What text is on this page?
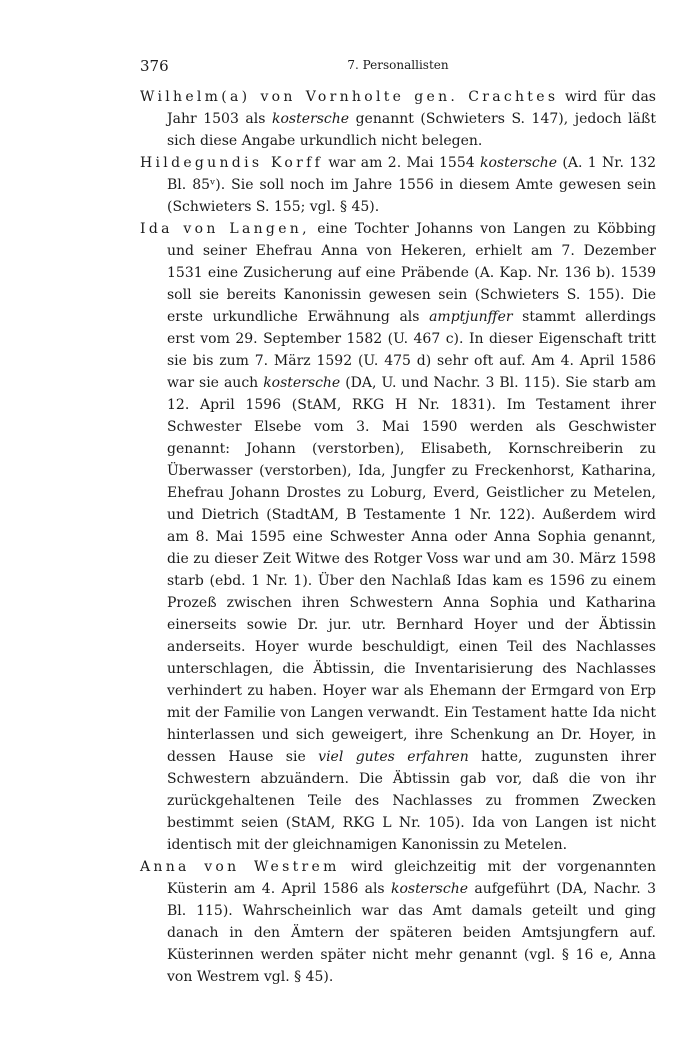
376	7. Personallisten

Wilhelm(a) von Vornholte gen. Crachtes wird für das Jahr 1503 als kostersche genannt (Schwieters S. 147), jedoch läßt sich diese Angabe urkundlich nicht belegen.

Hildegundis Korff war am 2. Mai 1554 kostersche (A. 1 Nr. 132 Bl. 85ᵛ). Sie soll noch im Jahre 1556 in diesem Amte gewesen sein (Schwieters S. 155; vgl. § 45).

Ida von Langen, eine Tochter Johanns von Langen zu Köbbing und seiner Ehefrau Anna von Hekeren, erhielt am 7. Dezember 1531 eine Zusicherung auf eine Präbende (A. Kap. Nr. 136 b). 1539 soll sie bereits Kanonissin gewesen sein (Schwieters S. 155). Die erste urkundliche Erwähnung als amptjunffer stammt allerdings erst vom 29. September 1582 (U. 467 c). In dieser Eigenschaft tritt sie bis zum 7. März 1592 (U. 475 d) sehr oft auf. Am 4. April 1586 war sie auch kostersche (DA, U. und Nachr. 3 Bl. 115). Sie starb am 12. April 1596 (StAM, RKG H Nr. 1831). Im Testament ihrer Schwester Elsebe vom 3. Mai 1590 werden als Geschwister genannt: Johann (verstorben), Elisabeth, Kornschreiberin zu Überwasser (verstorben), Ida, Jungfer zu Freckenhorst, Katharina, Ehefrau Johann Drostes zu Loburg, Everd, Geistlicher zu Metelen, und Dietrich (StadtAM, B Testamente 1 Nr. 122). Außerdem wird am 8. Mai 1595 eine Schwester Anna oder Anna Sophia genannt, die zu dieser Zeit Witwe des Rotger Voss war und am 30. März 1598 starb (ebd. 1 Nr. 1). Über den Nachlaß Idas kam es 1596 zu einem Prozeß zwischen ihren Schwestern Anna Sophia und Katharina einerseits sowie Dr. jur. utr. Bernhard Hoyer und der Äbtissin anderseits. Hoyer wurde beschuldigt, einen Teil des Nachlasses unterschlagen, die Äbtissin, die Inventarisierung des Nachlasses verhindert zu haben. Hoyer war als Ehemann der Ermgard von Erp mit der Familie von Langen verwandt. Ein Testament hatte Ida nicht hinterlassen und sich geweigert, ihre Schenkung an Dr. Hoyer, in dessen Hause sie viel gutes erfahren hatte, zugunsten ihrer Schwestern abzuändern. Die Äbtissin gab vor, daß die von ihr zurückgehaltenen Teile des Nachlasses zu frommen Zwecken bestimmt seien (StAM, RKG L Nr. 105). Ida von Langen ist nicht identisch mit der gleichnamigen Kanonissin zu Metelen.

Anna von Westrem wird gleichzeitig mit der vorgenannten Küsterin am 4. April 1586 als kostersche aufgeführt (DA, Nachr. 3 Bl. 115). Wahrscheinlich war das Amt damals geteilt und ging danach in den Ämtern der späteren beiden Amtsjungfern auf. Küsterinnen werden später nicht mehr genannt (vgl. § 16 e, Anna von Westrem vgl. § 45).
